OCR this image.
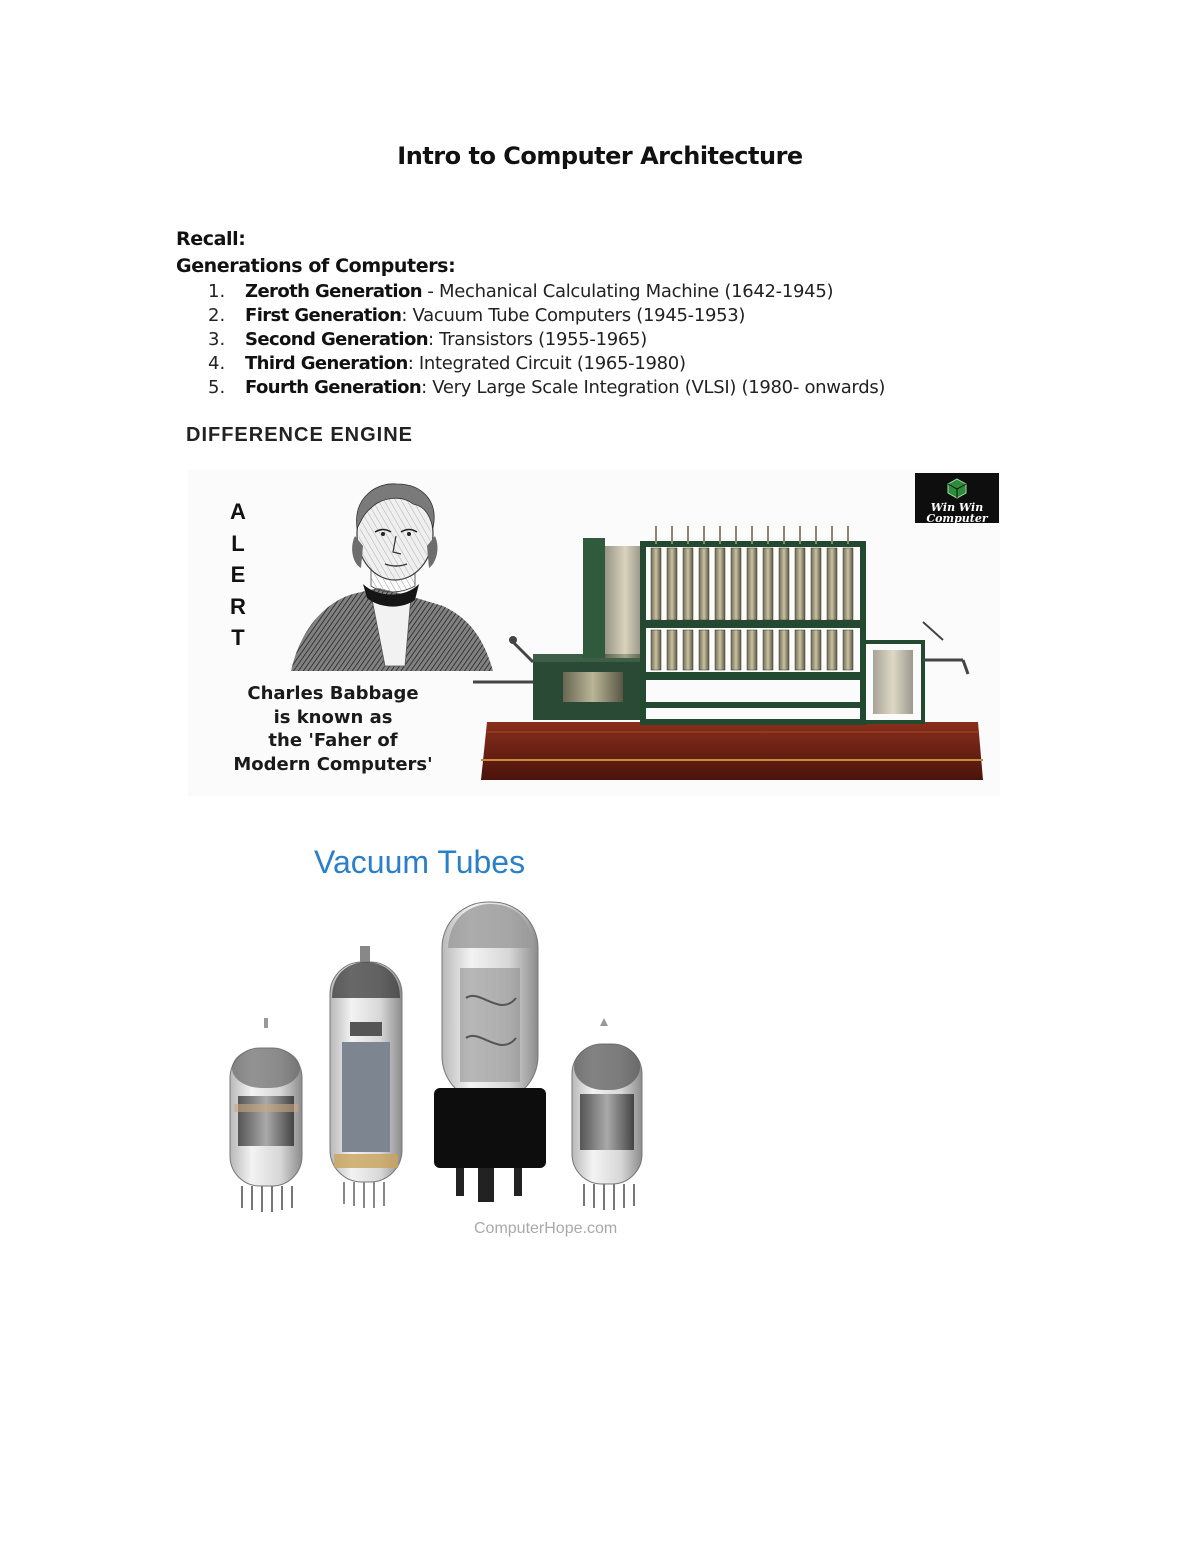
Intro to Computer Architecture
Recall:
Generations of Computers:
1. Zeroth Generation - Mechanical Calculating Machine (1642-1945)
2. First Generation: Vacuum Tube Computers (1945-1953)
3. Second Generation: Transistors (1955-1965)
4. Third Generation: Integrated Circuit (1965-1980)
5. Fourth Generation: Very Large Scale Integration (VLSI) (1980- onwards)
DIFFERENCE ENGINE
A
L
E
R
T
Charles Babbage
is known as
the 'Faher of
Modern Computers'
Win Win
Computer
Vacuum Tubes
ComputerHope.com
